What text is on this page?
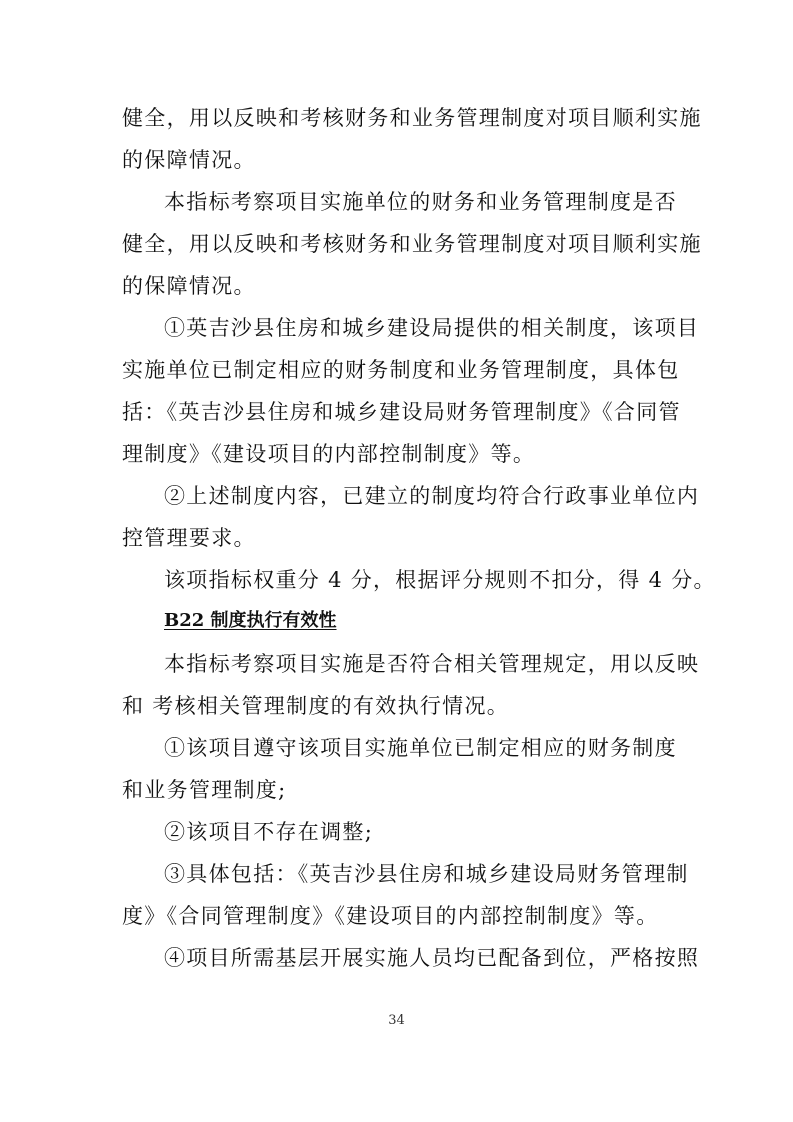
健全，用以反映和考核财务和业务管理制度对项目顺利实施
的保障情况。
本指标考察项目实施单位的财务和业务管理制度是否
健全，用以反映和考核财务和业务管理制度对项目顺利实施
的保障情况。
①英吉沙县住房和城乡建设局提供的相关制度，该项目
实施单位已制定相应的财务制度和业务管理制度，具体包
括：《英吉沙县住房和城乡建设局财务管理制度》《合同管
理制度》《建设项目的内部控制制度》等。
②上述制度内容，已建立的制度均符合行政事业单位内
控管理要求。
该项指标权重分 4 分，根据评分规则不扣分，得 4 分。
B22 制度执行有效性
本指标考察项目实施是否符合相关管理规定，用以反映
和 考核相关管理制度的有效执行情况。
①该项目遵守该项目实施单位已制定相应的财务制度
和业务管理制度;
②该项目不存在调整;
③具体包括：《英吉沙县住房和城乡建设局财务管理制
度》《合同管理制度》《建设项目的内部控制制度》等。
④项目所需基层开展实施人员均已配备到位，严格按照
34
